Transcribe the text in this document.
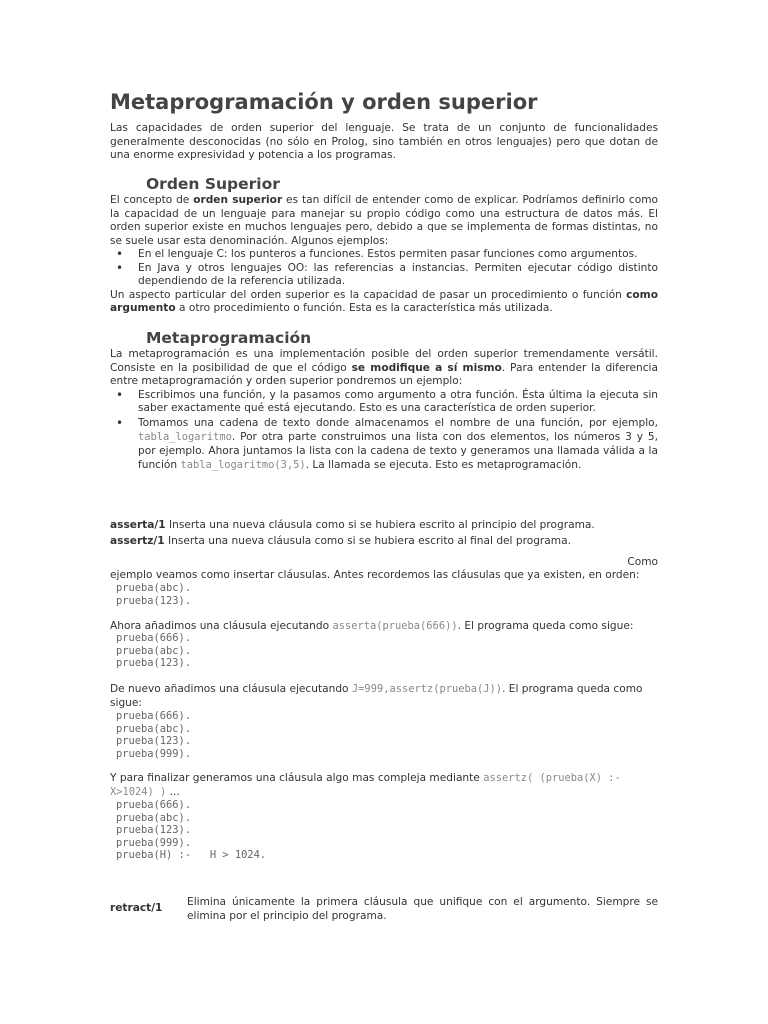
Metaprogramación y orden superior

Las capacidades de orden superior del lenguaje. Se trata de un conjunto de funcionalidades generalmente desconocidas (no sólo en Prolog, sino también en otros lenguajes) pero que dotan de una enorme expresividad y potencia a los programas.

Orden Superior

El concepto de orden superior es tan difícil de entender como de explicar. Podríamos definirlo como la capacidad de un lenguaje para manejar su propio código como una estructura de datos más. El orden superior existe en muchos lenguajes pero, debido a que se implementa de formas distintas, no se suele usar esta denominación. Algunos ejemplos:

• En el lenguaje C: los punteros a funciones. Estos permiten pasar funciones como argumentos.
• En Java y otros lenguajes OO: las referencias a instancias. Permiten ejecutar código distinto dependiendo de la referencia utilizada.

Un aspecto particular del orden superior es la capacidad de pasar un procedimiento o función como argumento a otro procedimiento o función. Esta es la característica más utilizada.

Metaprogramación

La metaprogramación es una implementación posible del orden superior tremendamente versátil. Consiste en la posibilidad de que el código se modifique a sí mismo. Para entender la diferencia entre metaprogramación y orden superior pondremos un ejemplo:

• Escribimos una función, y la pasamos como argumento a otra función. Ésta última la ejecuta sin saber exactamente qué está ejecutando. Esto es una característica de orden superior.
• Tomamos una cadena de texto donde almacenamos el nombre de una función, por ejemplo, tabla_logaritmo. Por otra parte construimos una lista con dos elementos, los números 3 y 5, por ejemplo. Ahora juntamos la lista con la cadena de texto y generamos una llamada válida a la función tabla_logaritmo(3,5). La llamada se ejecuta. Esto es metaprogramación.
asserta/1 Inserta una nueva cláusula como si se hubiera escrito al principio del programa.
assertz/1 Inserta una nueva cláusula como si se hubiera escrito al final del programa.
Como
ejemplo veamos como insertar cláusulas. Antes recordemos las cláusulas que ya existen, en orden:
prueba(abc).
prueba(123).
Ahora añadimos una cláusula ejecutando asserta(prueba(666)). El programa queda como sigue:
prueba(666).
prueba(abc).
prueba(123).
De nuevo añadimos una cláusula ejecutando J=999,assertz(prueba(J)). El programa queda como sigue:
prueba(666).
prueba(abc).
prueba(123).
prueba(999).
Y para finalizar generamos una cláusula algo mas compleja mediante assertz( (prueba(X) :- X>1024) ) ...
prueba(666).
prueba(abc).
prueba(123).
prueba(999).
prueba(H) :-   H > 1024.
retract/1 Elimina únicamente la primera cláusula que unifique con el argumento. Siempre se elimina por el principio del programa.
